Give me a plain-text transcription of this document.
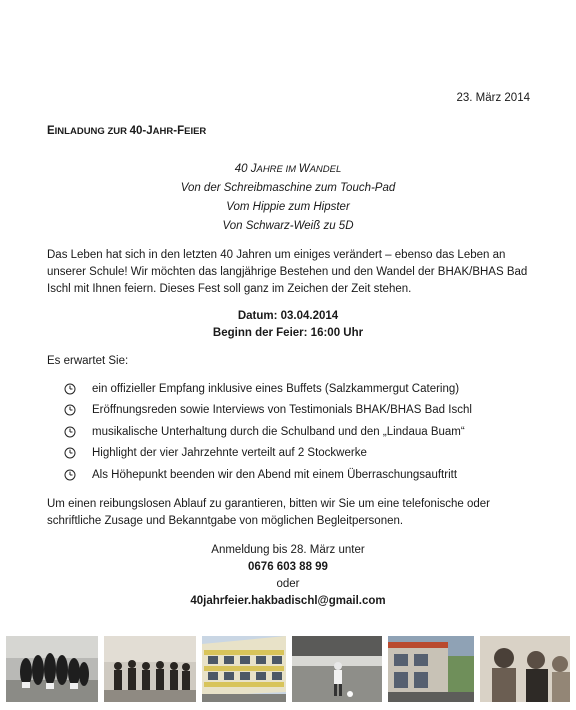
23. März 2014
EINLADUNG ZUR 40-JAHR-FEIER
40 JAHRE IM WANDEL
Von der Schreibmaschine zum Touch-Pad
Vom Hippie zum Hipster
Von Schwarz-Weiß zu 5D
Das Leben hat sich in den letzten 40 Jahren um einiges verändert – ebenso das Leben an unserer Schule! Wir möchten das langjährige Bestehen und den Wandel der BHAK/BHAS Bad Ischl mit Ihnen feiern. Dieses Fest soll ganz im Zeichen der Zeit stehen.
Datum: 03.04.2014
Beginn der Feier: 16:00 Uhr
Es erwartet Sie:
ein offizieller Empfang inklusive eines Buffets (Salzkammergut Catering)
Eröffnungsreden sowie Interviews von Testimonials BHAK/BHAS Bad Ischl
musikalische Unterhaltung durch die Schulband und den „Lindaua Buam“
Highlight der vier Jahrzehnte verteilt auf 2 Stockwerke
Als Höhepunkt beenden wir den Abend mit einem Überraschungsauftritt
Um einen reibungslosen Ablauf zu garantieren, bitten wir Sie um eine telefonische oder schriftliche Zusage und Bekanntgabe von möglichen Begleitpersonen.
Anmeldung bis 28. März unter
0676 603 88 99
oder
40jahrfeier.hakbadischl@gmail.com
